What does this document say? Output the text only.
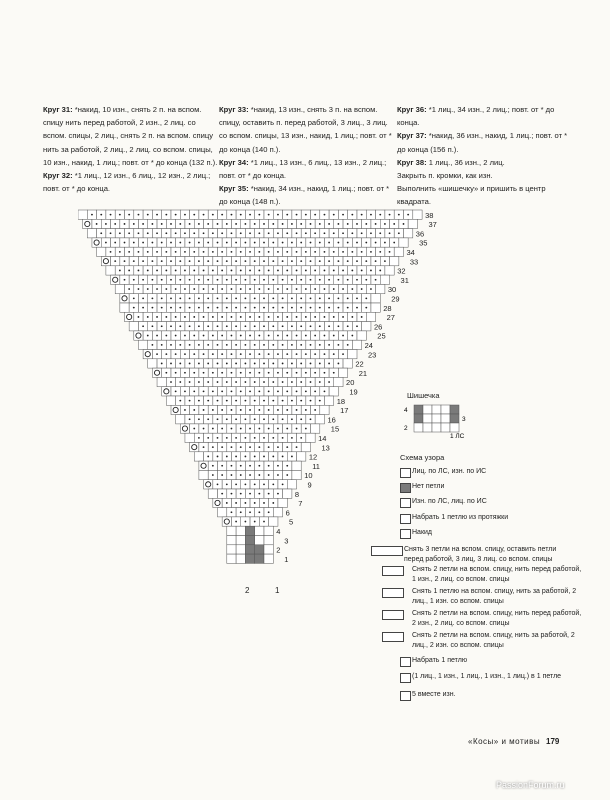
Круг 31: *накид, 10 изн., снять 2 п. на вспом. спицу нить перед работой, 2 изн., 2 лиц. со вспом. спицы, 2 лиц., снять 2 п. на вспом. спицу нить за работой, 2 лиц., 2 лиц. со вспом. спицы, 10 изн., накид, 1 лиц.; повт. от * до конца (132 п.).

Круг 32: *1 лиц., 12 изн., 6 лиц., 12 изн., 2 лиц.; повт. от * до конца.

Круг 33: *накид, 13 изн., снять 3 п. на вспом. спицу, оставить п. перед работой, 3 лиц., 3 лиц. со вспом. спицы, 13 изн., накид, 1 лиц.; повт. от * до конца (140 п.).

Круг 34: *1 лиц., 13 изн., 6 лиц., 13 изн., 2 лиц.; повт. от * до конца.

Круг 35: *накид, 34 изн., накид, 1 лиц.; повт. от * до конца (148 п.).

Круг 36: *1 лиц., 34 изн., 2 лиц.; повт. от * до конца.

Круг 37: *накид, 36 изн., накид, 1 лиц.; повт. от * до конца (156 п.).

Круг 38: 1 лиц., 36 изн., 2 лиц.

Закрыть п. кромки, как изн.

Выполнить «шишечку» и пришить в центр квадрата.

38
37
36
35
34
33
32
31
30
29
28
27
26
25
24
23
22
21
20
19
18
17
16
15
14
13
12
11
10
9
8
7
6
5
4
3
2
1
2	1
Шишечка
4
3
2
1 ЛС
Схема узора
Лиц. по ЛС, изн. по ИС
Нет петли
Изн. по ЛС, лиц. по ИС
Набрать 1 петлю из протяжки
Накид
Снять 3 петли на вспом. спицу, оставить петли перед работой, 3 лиц, 3 лиц. со вспом. спицы
Снять 2 петли на вспом. спицу, нить перед работой, 1 изн., 2 лиц. со вспом. спицы
Снять 1 петлю на вспом. спицу, нить за работой, 2 лиц., 1 изн. со вспом. спицы
Снять 2 петли на вспом. спицу, нить перед работой, 2 изн., 2 лиц. со вспом. спицы
Снять 2 петли на вспом. спицу, нить за работой, 2 лиц., 2 изн. со вспом. спицы
Набрать 1 петлю
(1 лиц., 1 изн., 1 лиц., 1 изн., 1 лиц.) в 1 петле
5 вместе изн.
«Косы» и мотивы 179
PassionForum.ru
